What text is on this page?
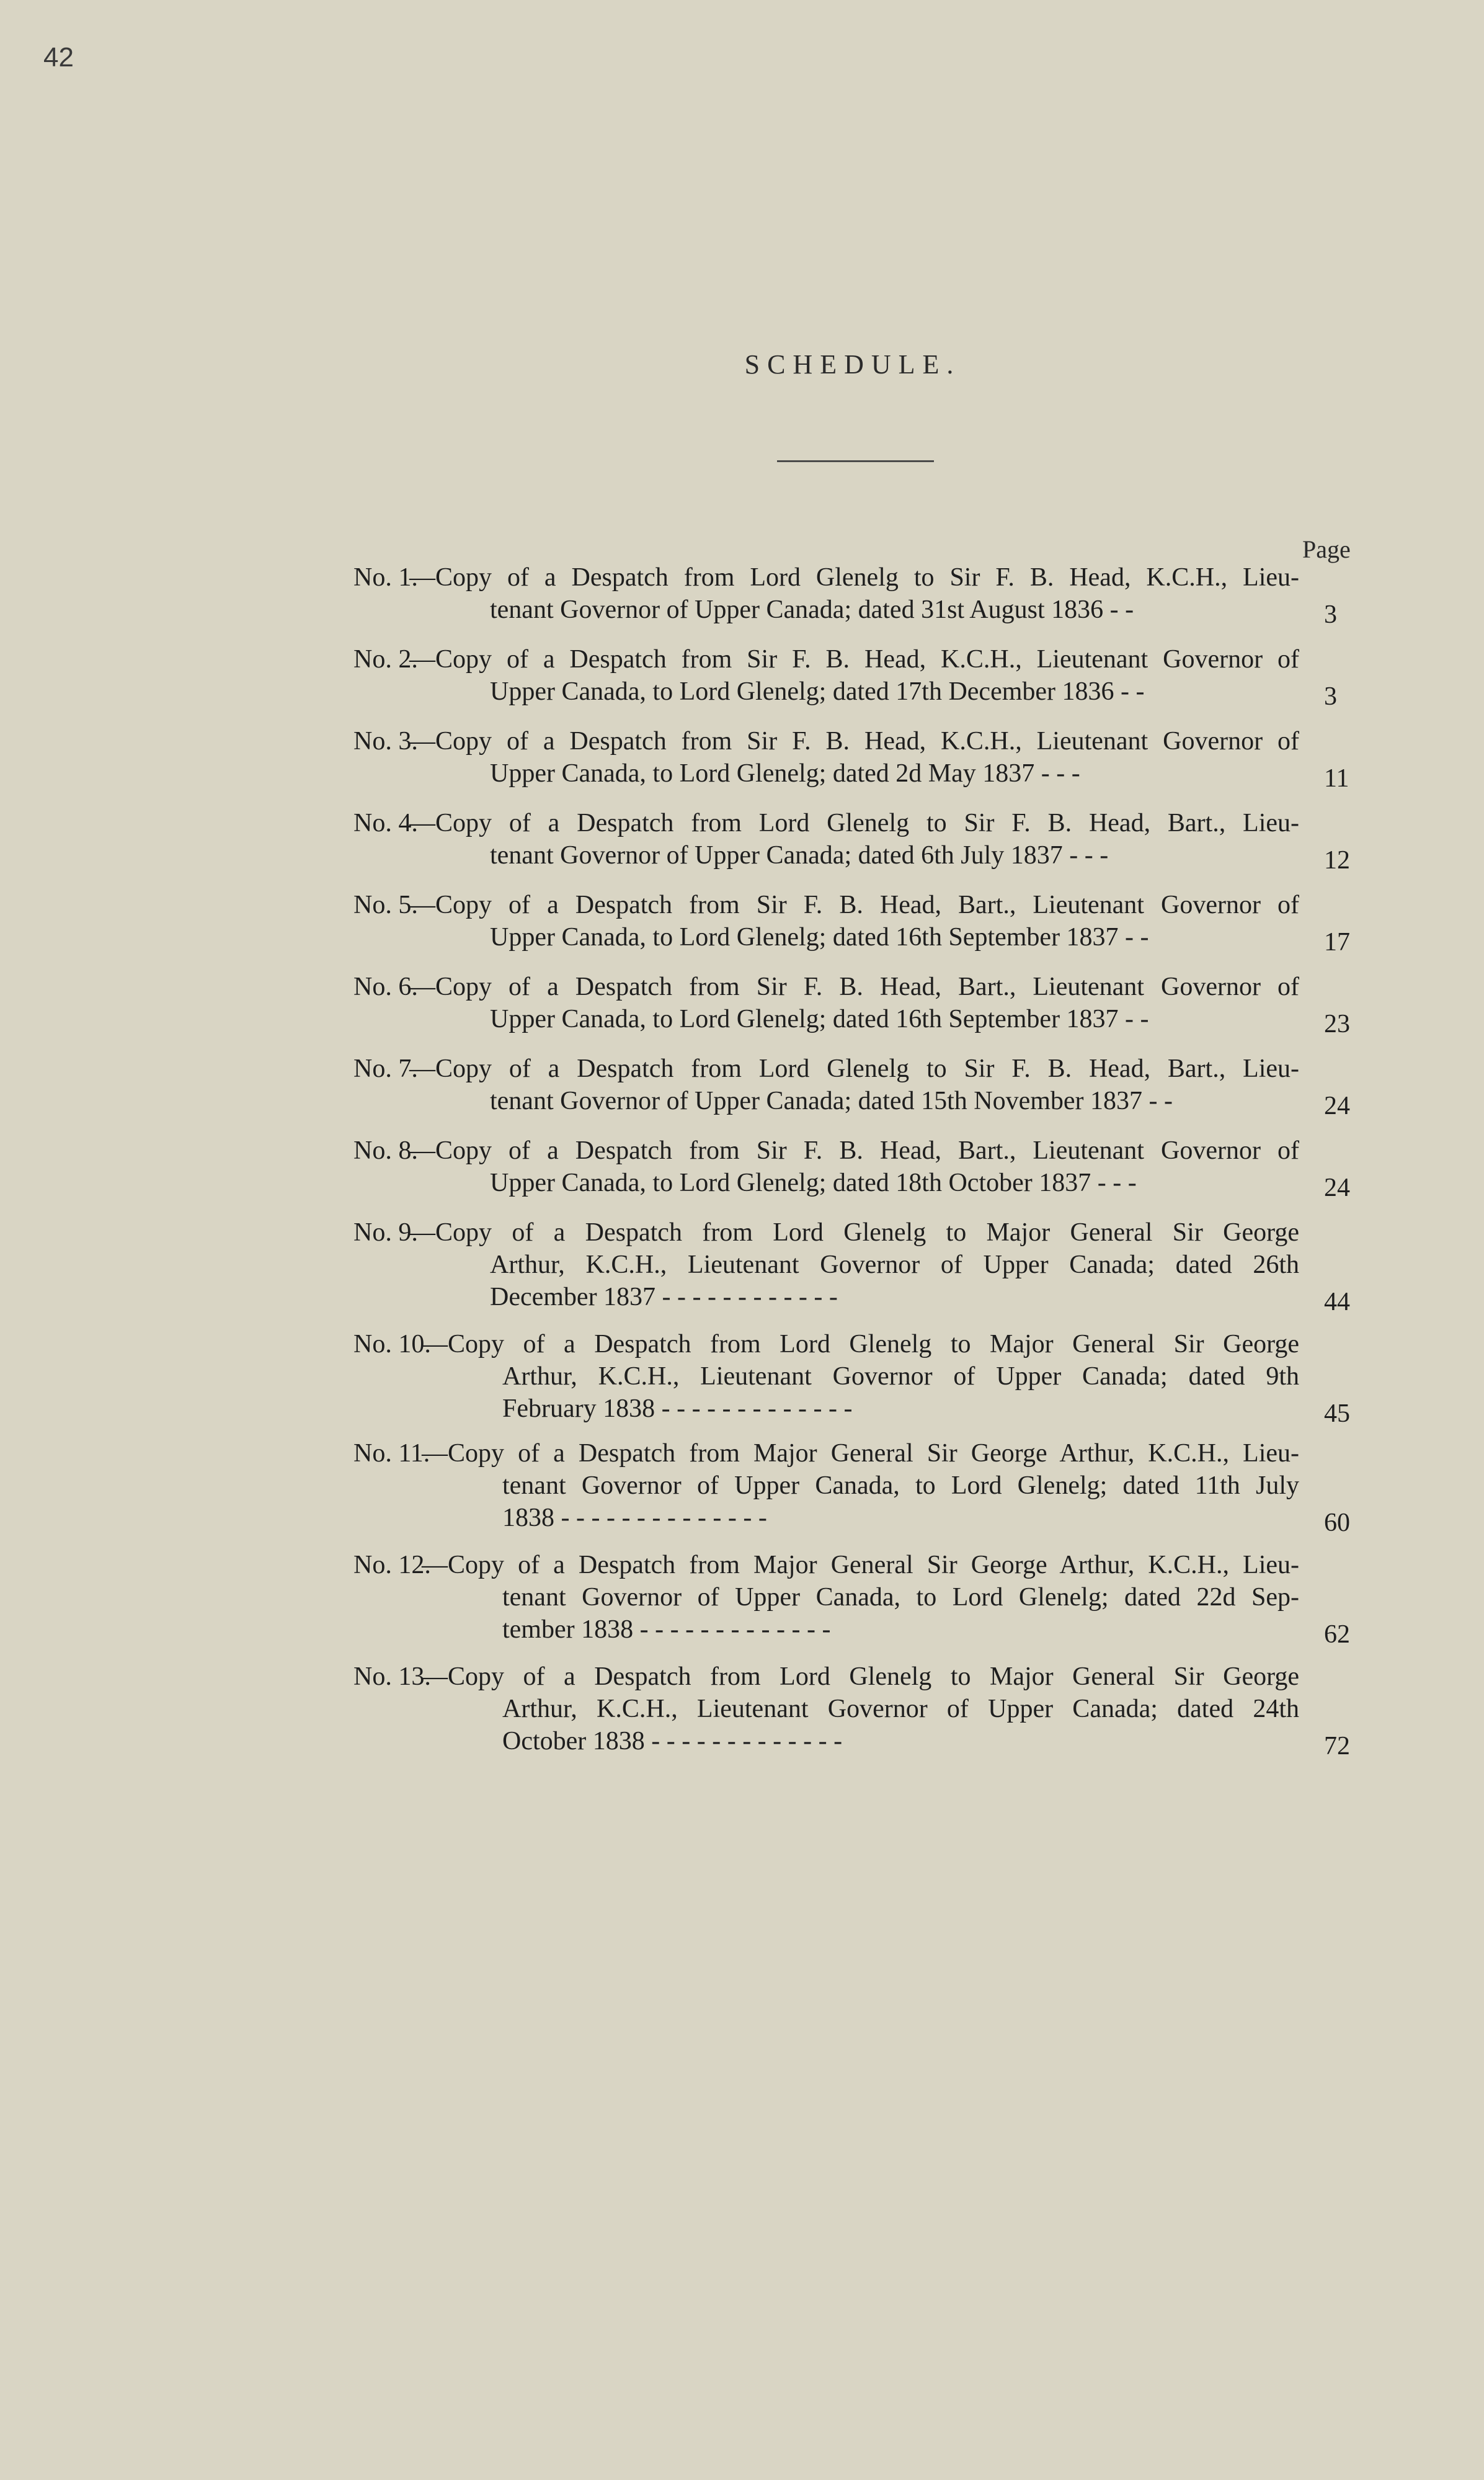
42
SCHEDULE.
Page
No. 1.
—Copy of a Despatch from Lord Glenelg to Sir F. B. Head, K.C.H., Lieu-
tenant Governor of Upper Canada; dated 31st August 1836 - -	3
No. 2.
—Copy of a Despatch from Sir F. B. Head, K.C.H., Lieutenant Governor of
Upper Canada, to Lord Glenelg; dated 17th December 1836 - -	3
No. 3.
—Copy of a Despatch from Sir F. B. Head, K.C.H., Lieutenant Governor of
Upper Canada, to Lord Glenelg; dated 2d May 1837 - - -	11
No. 4.
—Copy of a Despatch from Lord Glenelg to Sir F. B. Head, Bart., Lieu-
tenant Governor of Upper Canada; dated 6th July 1837 - - -	12
No. 5.
—Copy of a Despatch from Sir F. B. Head, Bart., Lieutenant Governor of
Upper Canada, to Lord Glenelg; dated 16th September 1837 - -	17
No. 6.
—Copy of a Despatch from Sir F. B. Head, Bart., Lieutenant Governor of
Upper Canada, to Lord Glenelg; dated 16th September 1837 - -	23
No. 7.
—Copy of a Despatch from Lord Glenelg to Sir F. B. Head, Bart., Lieu-
tenant Governor of Upper Canada; dated 15th November 1837 - -	24
No. 8.
—Copy of a Despatch from Sir F. B. Head, Bart., Lieutenant Governor of
Upper Canada, to Lord Glenelg; dated 18th October 1837 - - -	24
No. 9.
—Copy of a Despatch from Lord Glenelg to Major General Sir George
Arthur, K.C.H., Lieutenant Governor of Upper Canada; dated 26th
December 1837 - - - - - - - - - - - -	44
No. 10.
—Copy of a Despatch from Lord Glenelg to Major General Sir George
Arthur, K.C.H., Lieutenant Governor of Upper Canada; dated 9th
February 1838 - - - - - - - - - - - - -	45
No. 11.
—Copy of a Despatch from Major General Sir George Arthur, K.C.H., Lieu-
tenant Governor of Upper Canada, to Lord Glenelg; dated 11th July
1838 - - - - - - - - - - - - - -	60
No. 12.
—Copy of a Despatch from Major General Sir George Arthur, K.C.H., Lieu-
tenant Governor of Upper Canada, to Lord Glenelg; dated 22d Sep-
tember 1838 - - - - - - - - - - - - -	62
No. 13.
—Copy of a Despatch from Lord Glenelg to Major General Sir George
Arthur, K.C.H., Lieutenant Governor of Upper Canada; dated 24th
October 1838 - - - - - - - - - - - - -	72
